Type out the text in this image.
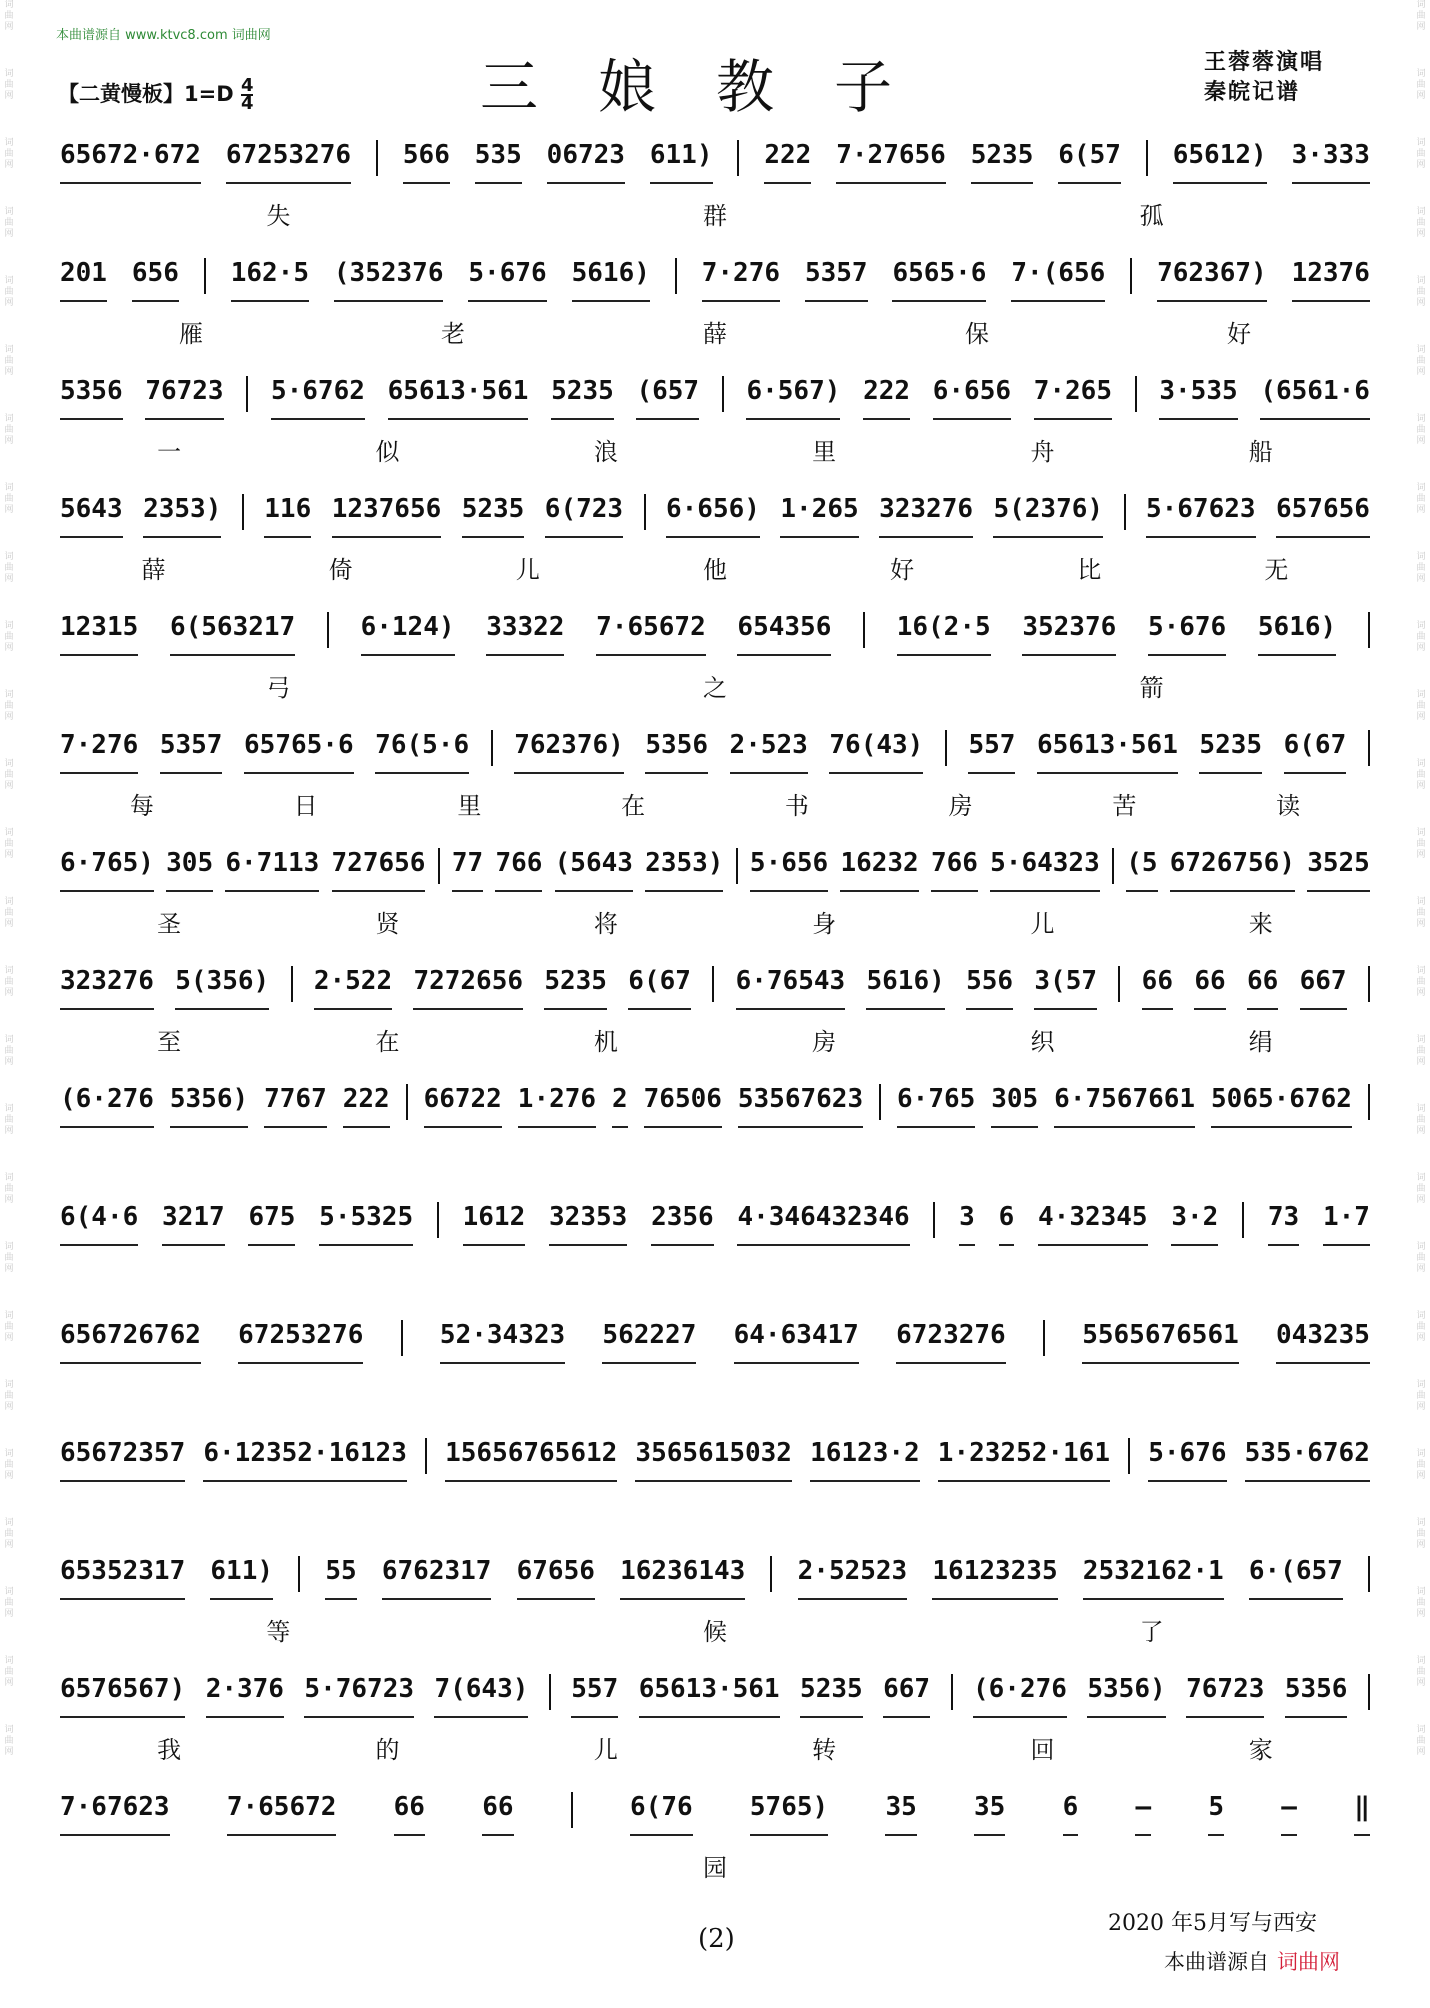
词曲网
词曲网
词曲网
词曲网
词曲网
词曲网
词曲网
词曲网
词曲网
词曲网
词曲网
词曲网
词曲网
词曲网
词曲网
词曲网
词曲网
词曲网
词曲网
词曲网
词曲网
词曲网
词曲网
词曲网
词曲网
词曲网
词曲网
词曲网
词曲网
词曲网
词曲网
词曲网
词曲网
词曲网
词曲网
词曲网
词曲网
词曲网
词曲网
词曲网
词曲网
词曲网
词曲网
词曲网
词曲网
词曲网
词曲网
词曲网
词曲网
词曲网
词曲网
词曲网
本曲谱源自 www.ktvc8.com 词曲网
【二黄慢板】$1=D \frac{4}{4}$	三娘教子	王蓉蓉演唱
秦皖记谱
65672·672 67253276 566 535 06723 611) 222 7·27656 5235 6(57 65612) 3·333
失	群	孤
201 656 162·5 (352376 5·676 5616) 7·276 5357 6565·6 7·(656 762367) 12376
雁	老	薛	保	好
5356 76723 5·6762 65613·561 5235 (657 6·567) 222 6·656 7·265 3·535 (6561·6
一	似	浪	里	舟	船
5643 2353) 116 1237656 5235 6(723 6·656) 1·265 323276 5(2376) 5·67623 657656
薛	倚	儿	他	好	比	无
12315 6(563217	6·124) 33322 7·65672 654356	16(2·5 352376 5·676 5616)
弓	之	箭
7·276 5357 65765·6 76(5·6 762376) 5356 2·523 76(43) 557 65613·561 5235 6(67
每	日	里	在	书	房	苦	读
6·765) 305 6·7113 727656 77 766 (5643 2353) 5·656 16232 766 5·64323 (5 6726756) 3525
圣	贤	将	身	儿	来
323276 5(356) 2·522 7272656 5235 6(67 6·76543 5616) 556 3(57 66 66 66 667
至	在	机	房	织	绢
(6·276 5356) 7767 222 66722 1·276 2 76506 53567623 6·765 305 6·7567661 5065·6762
6(4·6 3217 675 5·5325 1612 32353 2356 4·346432346 3 6 4·32345 3·2 73 1·7
656726762 67253276	52·34323 562227 64·63417 6723276	5565676561 043235
65672357 6·12352·16123 15656765612 3565615032 16123·2 1·23252·161 5·676 535·6762
65352317 611) 55 6762317 67656 16236143 2·52523 16123235 2532162·1 6·(657
等	候	了
6576567) 2·376 5·76723 7(643) 557 65613·561 5235 667 (6·276 5356) 76723 5356
我	的	儿	转	回	家
7·67623 7·65672 66 66	6(76 5765) 35 35 6 – 5 – ‖
园
2020 年5月写与西安
(2)
本曲谱源自 词曲网
